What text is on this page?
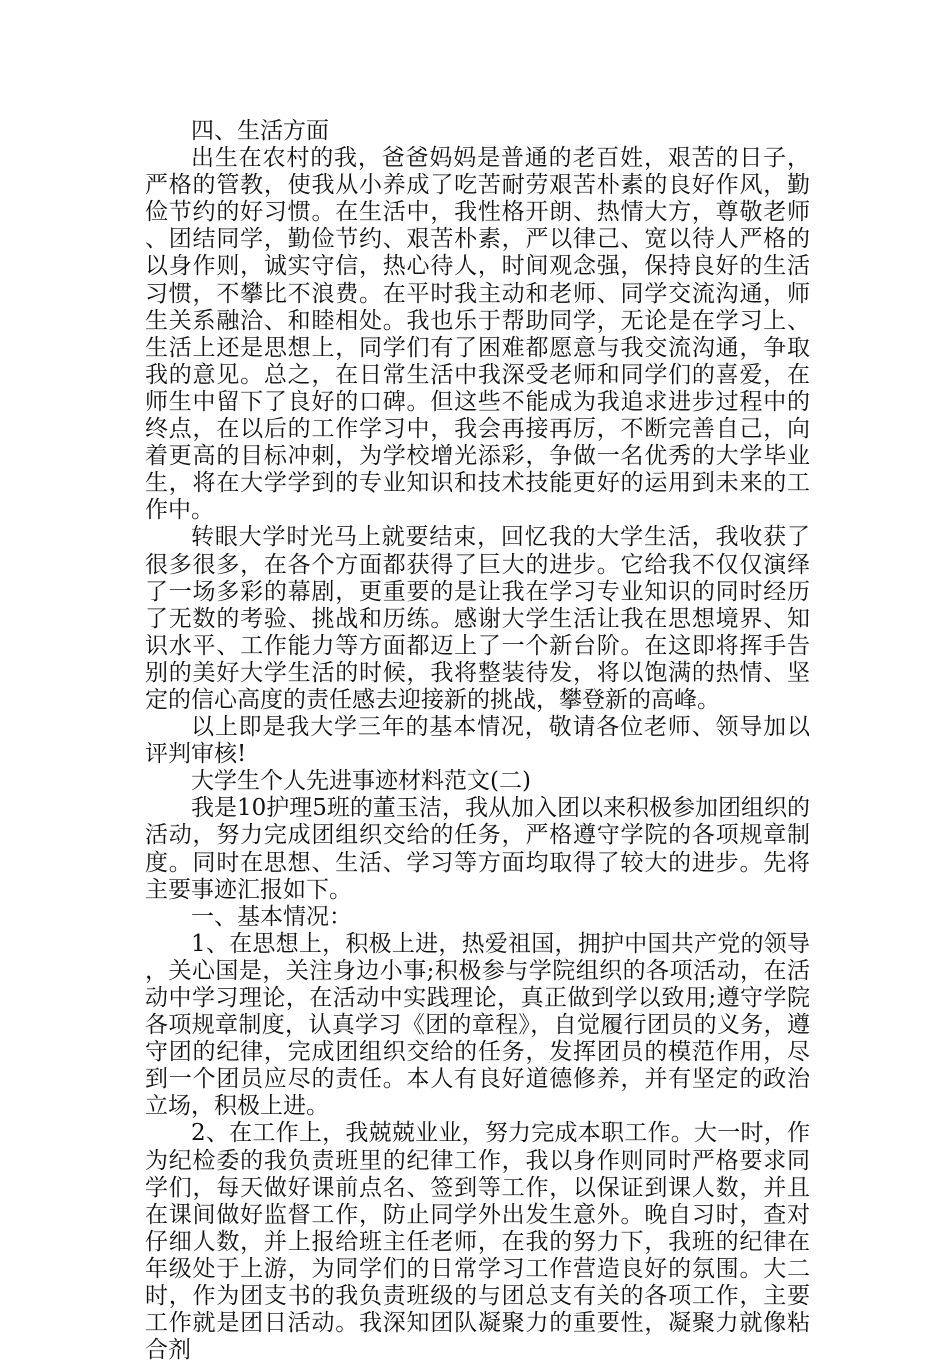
四、生活方面

出生在农村的我，爸爸妈妈是普通的老百姓，艰苦的日子，严格的管教，使我从小养成了吃苦耐劳艰苦朴素的良好作风，勤俭节约的好习惯。在生活中，我性格开朗、热情大方，尊敬老师、团结同学，勤俭节约、艰苦朴素，严以律己、宽以待人严格的以身作则，诚实守信，热心待人，时间观念强，保持良好的生活习惯，不攀比不浪费。在平时我主动和老师、同学交流沟通，师生关系融洽、和睦相处。我也乐于帮助同学，无论是在学习上、生活上还是思想上，同学们有了困难都愿意与我交流沟通，争取我的意见。总之，在日常生活中我深受老师和同学们的喜爱，在师生中留下了良好的口碑。但这些不能成为我追求进步过程中的终点，在以后的工作学习中，我会再接再厉，不断完善自己，向着更高的目标冲刺，为学校增光添彩，争做一名优秀的大学毕业生，将在大学学到的专业知识和技术技能更好的运用到未来的工作中。

转眼大学时光马上就要结束，回忆我的大学生活，我收获了很多很多，在各个方面都获得了巨大的进步。它给我不仅仅演绎了一场多彩的幕剧，更重要的是让我在学习专业知识的同时经历了无数的考验、挑战和历练。感谢大学生活让我在思想境界、知识水平、工作能力等方面都迈上了一个新台阶。在这即将挥手告别的美好大学生活的时候，我将整装待发，将以饱满的热情、坚定的信心高度的责任感去迎接新的挑战，攀登新的高峰。

以上即是我大学三年的基本情况，敬请各位老师、领导加以评判审核!

大学生个人先进事迹材料范文(二)

我是10护理5班的董玉洁，我从加入团以来积极参加团组织的活动，努力完成团组织交给的任务，严格遵守学院的各项规章制度。同时在思想、生活、学习等方面均取得了较大的进步。先将主要事迹汇报如下。

一、基本情况：

1、在思想上，积极上进，热爱祖国，拥护中国共产党的领导，关心国是，关注身边小事;积极参与学院组织的各项活动，在活动中学习理论，在活动中实践理论，真正做到学以致用;遵守学院各项规章制度，认真学习《团的章程》，自觉履行团员的义务，遵守团的纪律，完成团组织交给的任务，发挥团员的模范作用，尽到一个团员应尽的责任。本人有良好道德修养，并有坚定的政治立场，积极上进。

2、在工作上，我兢兢业业，努力完成本职工作。大一时，作为纪检委的我负责班里的纪律工作，我以身作则同时严格要求同学们，每天做好课前点名、签到等工作，以保证到课人数，并且在课间做好监督工作，防止同学外出发生意外。晚自习时，查对仔细人数，并上报给班主任老师，在我的努力下，我班的纪律在年级处于上游，为同学们的日常学习工作营造良好的氛围。大二时，作为团支书的我负责班级的与团总支有关的各项工作，主要工作就是团日活动。我深知团队凝聚力的重要性，凝聚力就像粘合剂
